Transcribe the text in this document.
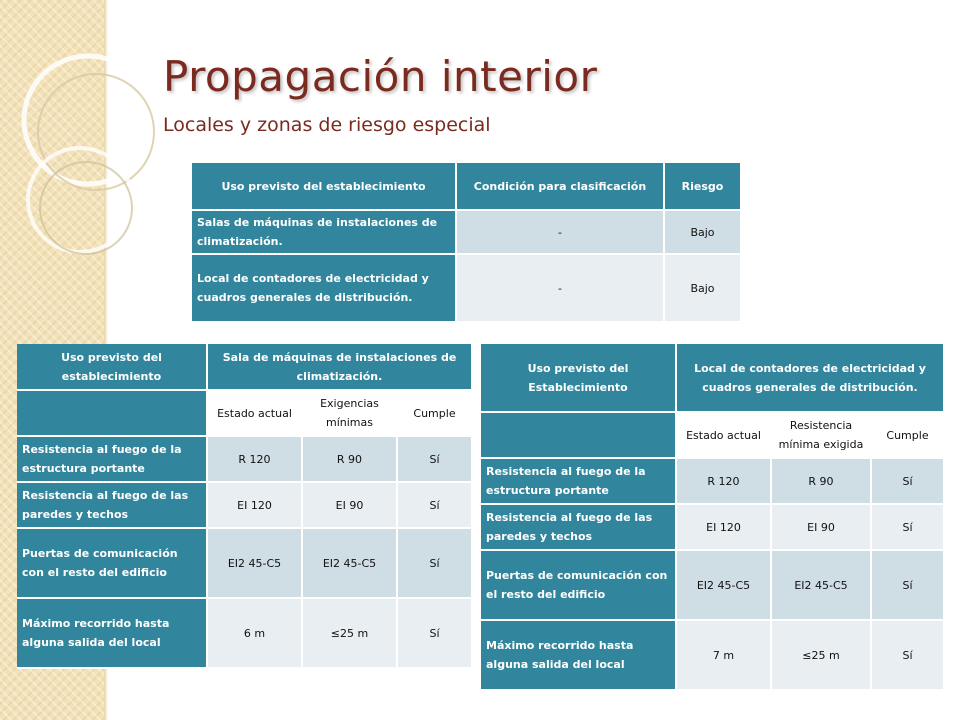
Propagación interior
Locales y zonas de riesgo especial
Uso previsto del establecimiento	Condición para clasificación	Riesgo
Salas de máquinas de instalaciones de climatización.	-	Bajo
Local de contadores de electricidad y cuadros generales de distribución.	-	Bajo
Uso previsto del establecimiento	Sala de máquinas de instalaciones de climatización.		
	Estado actual	Exigencias mínimas	Cumple
Resistencia al fuego de la estructura portante	R 120	R 90	Sí
Resistencia al fuego de las paredes y techos	EI 120	EI 90	Sí
Puertas de comunicación con el resto del edificio	EI2 45-C5	EI2 45-C5	Sí
Máximo recorrido hasta alguna salida del local	6 m	≤25 m	Sí
Uso previsto del Establecimiento	Local de contadores de electricidad y cuadros generales de distribución.		
	Estado actual	Resistencia mínima exigida	Cumple
Resistencia al fuego de la estructura portante	R 120	R 90	Sí
Resistencia al fuego de las paredes y techos	EI 120	EI 90	Sí
Puertas de comunicación con el resto del edificio	EI2 45-C5	EI2 45-C5	Sí
Máximo recorrido hasta alguna salida del local	7 m	≤25 m	Sí
